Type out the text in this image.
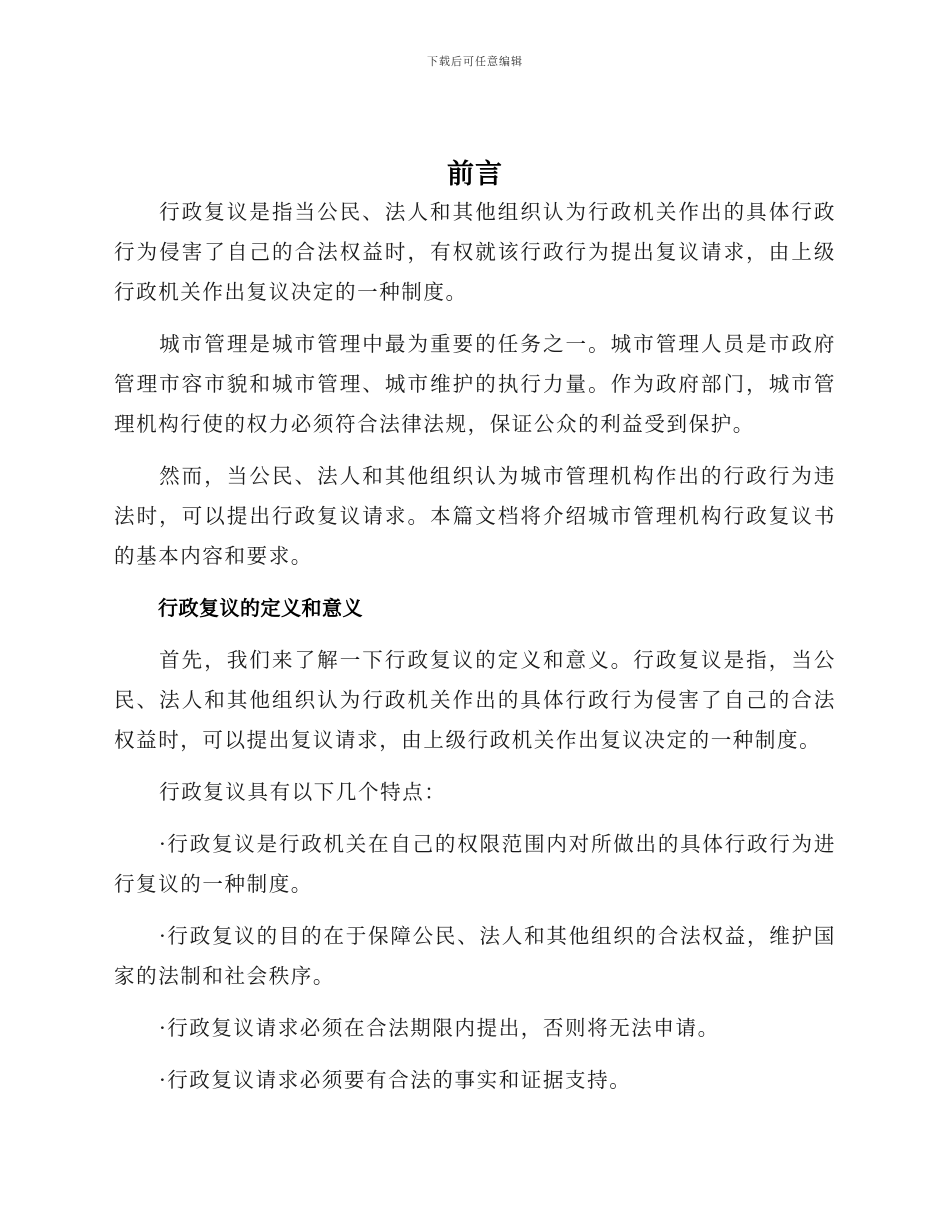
下载后可任意编辑
前言

行政复议是指当公民、法人和其他组织认为行政机关作出的具体行政行为侵害了自己的合法权益时，有权就该行政行为提出复议请求，由上级行政机关作出复议决定的一种制度。

城市管理是城市管理中最为重要的任务之一。城市管理人员是市政府管理市容市貌和城市管理、城市维护的执行力量。作为政府部门，城市管理机构行使的权力必须符合法律法规，保证公众的利益受到保护。

然而，当公民、法人和其他组织认为城市管理机构作出的行政行为违法时，可以提出行政复议请求。本篇文档将介绍城市管理机构行政复议书的基本内容和要求。

行政复议的定义和意义

首先，我们来了解一下行政复议的定义和意义。行政复议是指，当公民、法人和其他组织认为行政机关作出的具体行政行为侵害了自己的合法权益时，可以提出复议请求，由上级行政机关作出复议决定的一种制度。

行政复议具有以下几个特点：

·行政复议是行政机关在自己的权限范围内对所做出的具体行政行为进行复议的一种制度。

·行政复议的目的在于保障公民、法人和其他组织的合法权益，维护国家的法制和社会秩序。

·行政复议请求必须在合法期限内提出，否则将无法申请。

·行政复议请求必须要有合法的事实和证据支持。
